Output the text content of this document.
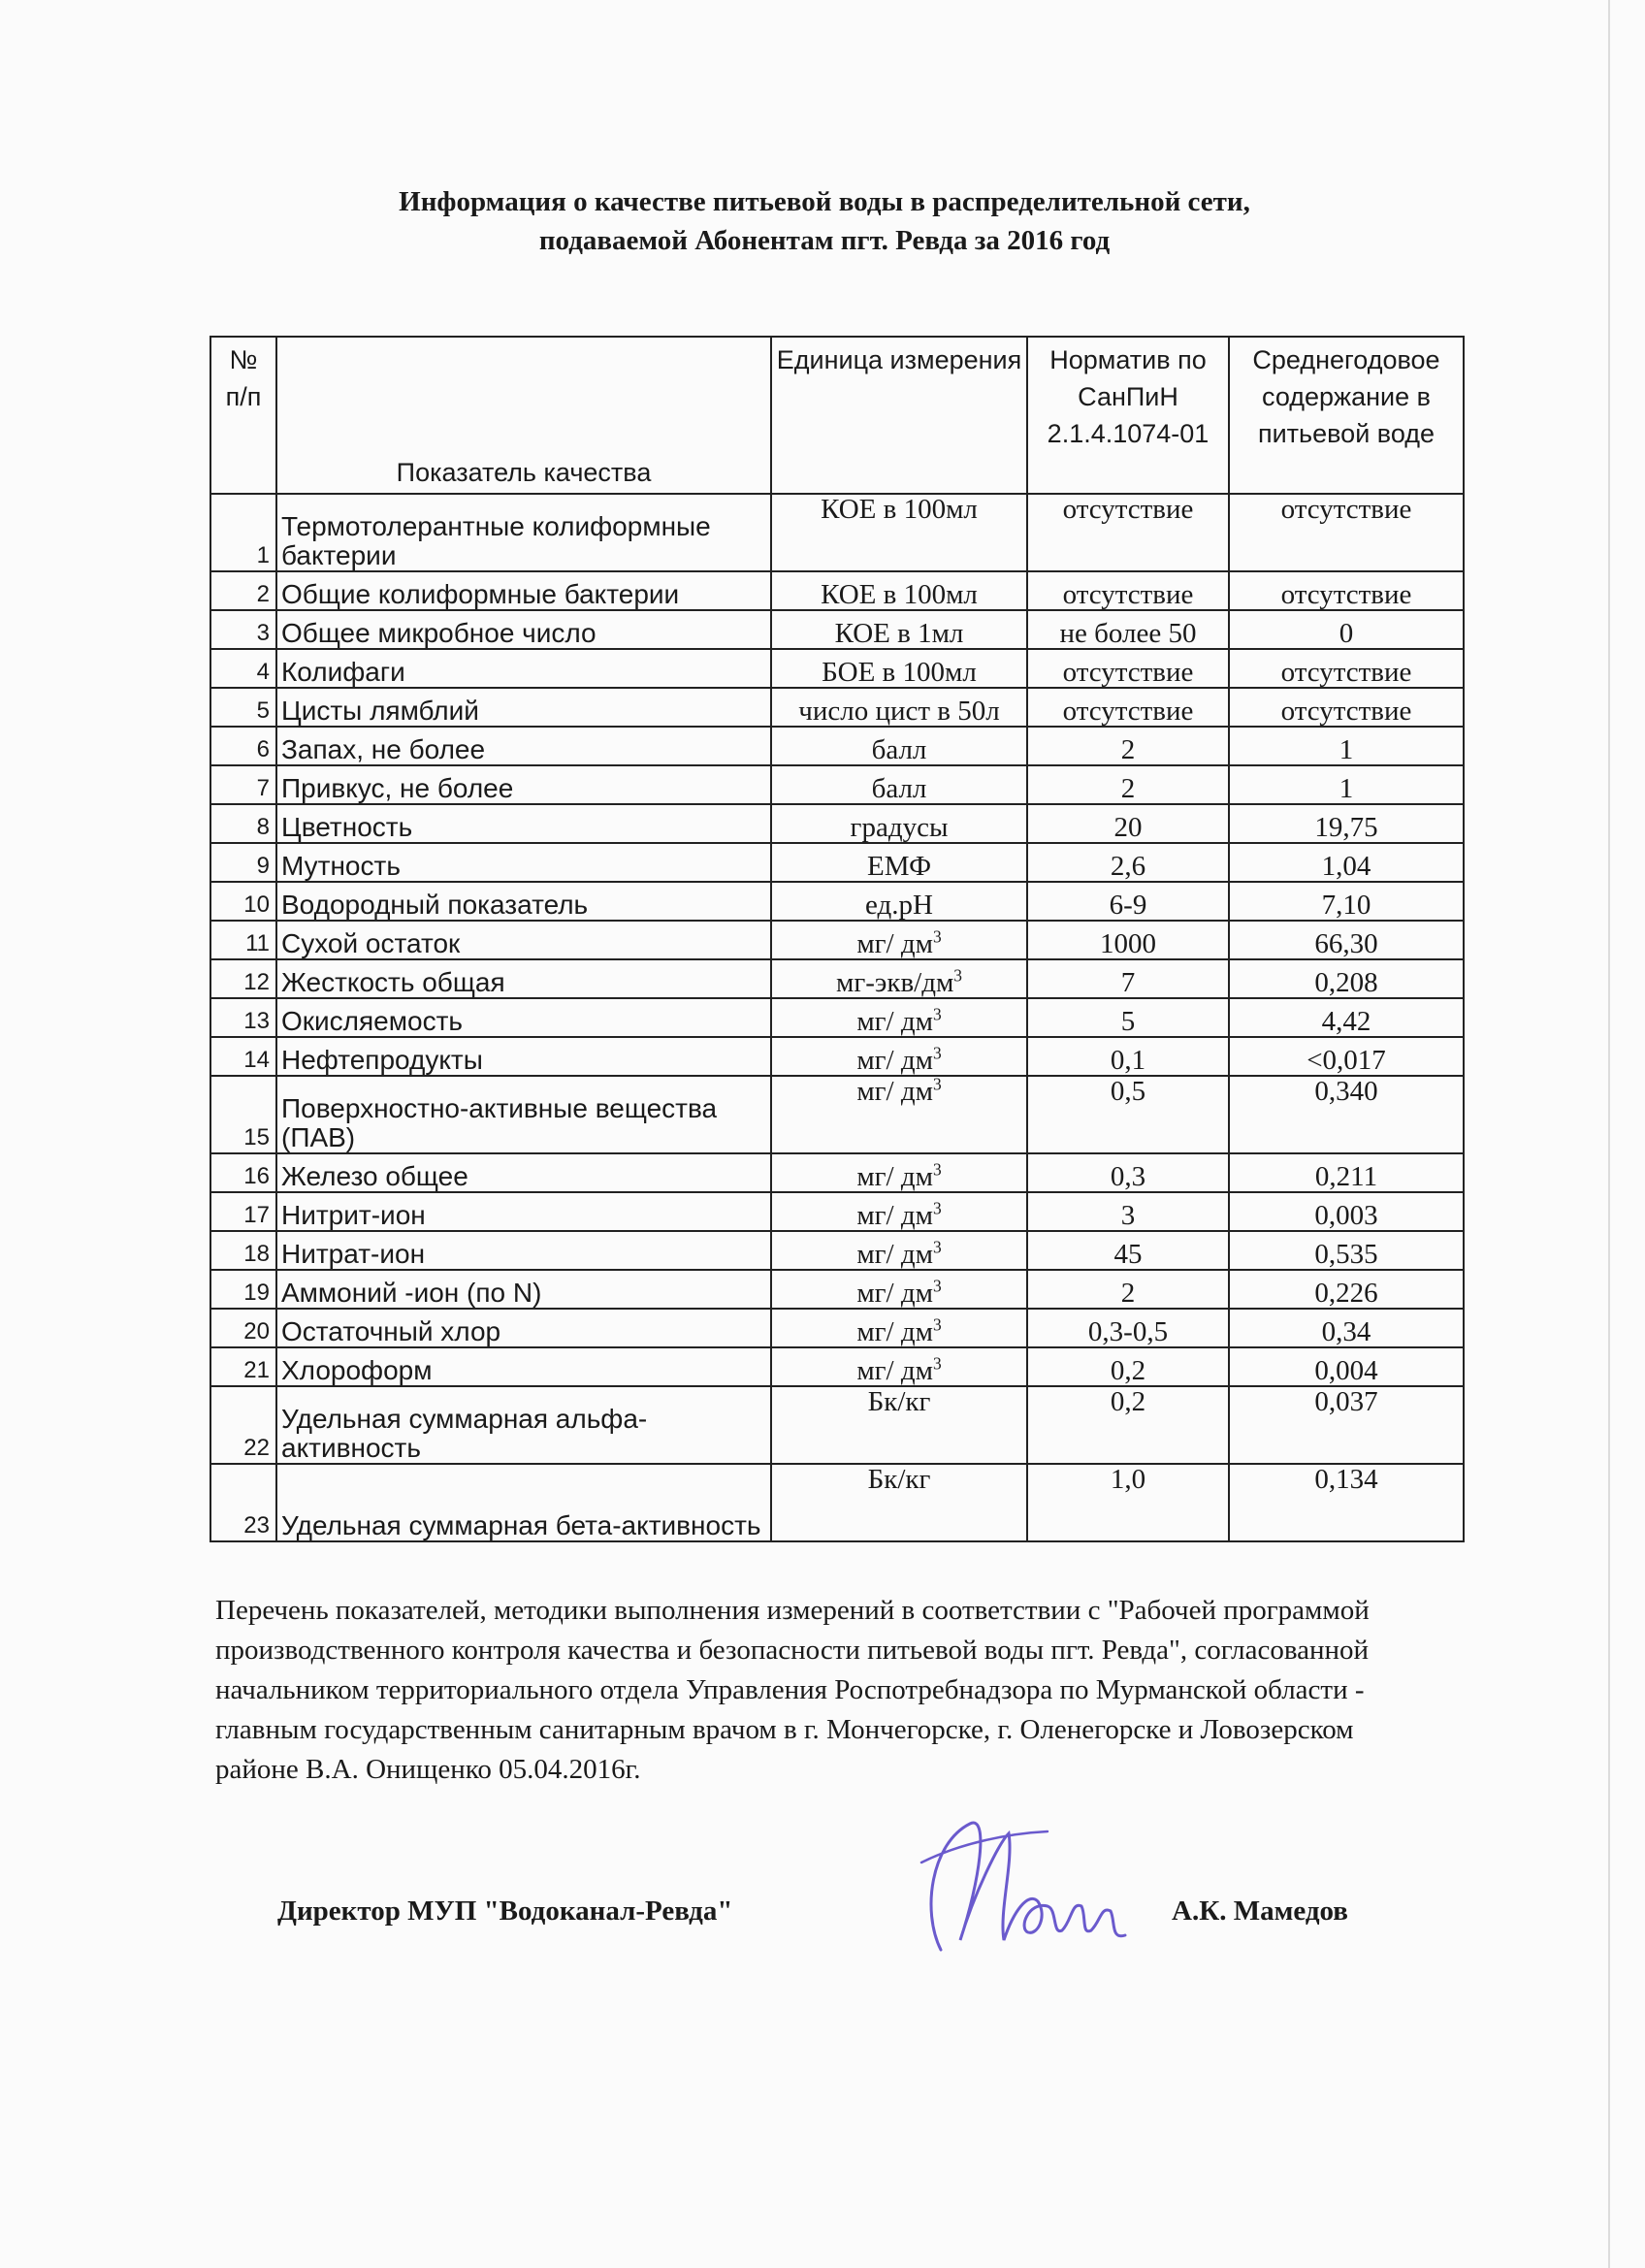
Информация о качестве питьевой воды в распределительной сети,
подаваемой Абонентам пгт. Ревда за 2016 год
№ п/п	Показатель качества	Единица измерения	Норматив по СанПиН 2.1.4.1074-01	Среднегодовое содержание в питьевой воде
1	Термотолерантные колиформные бактерии	КОЕ в 100мл	отсутствие	отсутствие
2	Общие колиформные бактерии	КОЕ в 100мл	отсутствие	отсутствие
3	Общее микробное число	КОЕ в 1мл	не более 50	0
4	Колифаги	БОЕ в 100мл	отсутствие	отсутствие
5	Цисты лямблий	число цист в 50л	отсутствие	отсутствие
6	Запах, не более	балл	2	1
7	Привкус, не более	балл	2	1
8	Цветность	градусы	20	19,75
9	Мутность	ЕМФ	2,6	1,04
10	Водородный показатель	ед.рН	6-9	7,10
11	Сухой остаток	мг/ $дм^3$	1000	66,30
12	Жесткость общая	$мг-экв/дм^3$	7	0,208
13	Окисляемость	мг/ $дм^3$	5	4,42
14	Нефтепродукты	мг/ $дм^3$	0,1	<0,017
15	Поверхностно-активные вещества (ПАВ)	мг/ $дм^3$	0,5	0,340
16	Железо общее	мг/ $дм^3$	0,3	0,211
17	Нитрит-ион	мг/ $дм^3$	3	0,003
18	Нитрат-ион	мг/ $дм^3$	45	0,535
19	Аммоний -ион (по N)	мг/ $дм^3$	2	0,226
20	Остаточный хлор	мг/ $дм^3$	0,3-0,5	0,34
21	Хлороформ	мг/ $дм^3$	0,2	0,004
22	Удельная суммарная альфа-активность	Бк/кг	0,2	0,037
23	Удельная суммарная бета-активность	Бк/кг	1,0	0,134
Перечень показателей, методики выполнения измерений в соответствии с "Рабочей программой производственного контроля качества и безопасности питьевой воды пгт. Ревда", согласованной начальником территориального отдела Управления Роспотребнадзора по Мурманской области - главным государственным санитарным врачом в г. Мончегорске, г. Оленегорске и Ловозерском районе В.А. Онищенко 05.04.2016г.
Директор МУП "Водоканал-Ревда"	А.К. Мамедов
